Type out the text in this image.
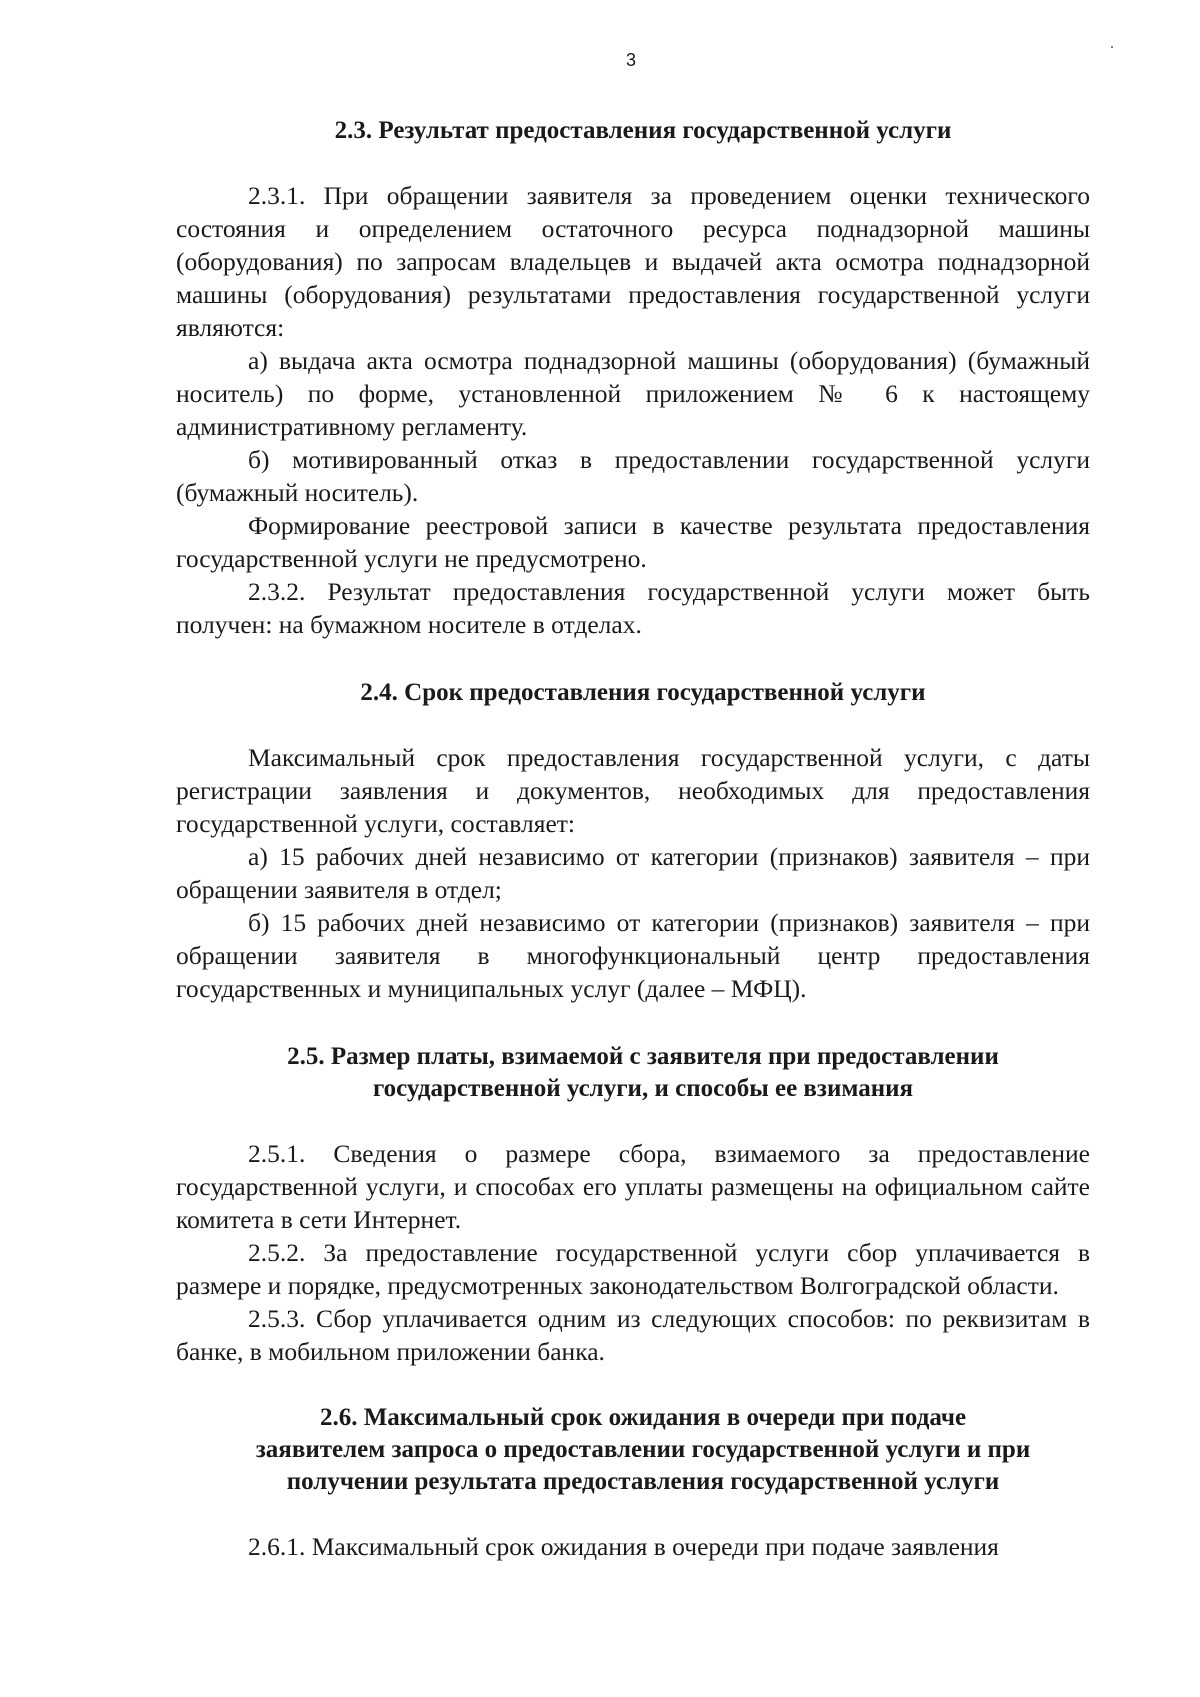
3
2.3. Результат предоставления государственной услуги

2.3.1. При обращении заявителя за проведением оценки технического состояния и определением остаточного ресурса поднадзорной машины (оборудования) по запросам владельцев и выдачей акта осмотра поднадзорной машины (оборудования) результатами предоставления государственной услуги являются:

а) выдача акта осмотра поднадзорной машины (оборудования) (бумажный носитель) по форме, установленной приложением № 6 к настоящему административному регламенту.

б) мотивированный отказ в предоставлении государственной услуги (бумажный носитель).

Формирование реестровой записи в качестве результата предоставления государственной услуги не предусмотрено.

2.3.2. Результат предоставления государственной услуги может быть получен: на бумажном носителе в отделах.

2.4. Срок предоставления государственной услуги

Максимальный срок предоставления государственной услуги, с даты регистрации заявления и документов, необходимых для предоставления государственной услуги, составляет:

а) 15 рабочих дней независимо от категории (признаков) заявителя – при обращении заявителя в отдел;

б) 15 рабочих дней независимо от категории (признаков) заявителя – при обращении заявителя в многофункциональный центр предоставления государственных и муниципальных услуг (далее – МФЦ).

2.5. Размер платы, взимаемой с заявителя при предоставлении
государственной услуги, и способы ее взимания

2.5.1. Сведения о размере сбора, взимаемого за предоставление государственной услуги, и способах его уплаты размещены на официальном сайте комитета в сети Интернет.

2.5.2. За предоставление государственной услуги сбор уплачивается в размере и порядке, предусмотренных законодательством Волгоградской области.

2.5.3. Сбор уплачивается одним из следующих способов: по реквизитам в банке, в мобильном приложении банка.

2.6. Максимальный срок ожидания в очереди при подаче
заявителем запроса о предоставлении государственной услуги и при
получении результата предоставления государственной услуги

2.6.1. Максимальный срок ожидания в очереди при подаче заявления
